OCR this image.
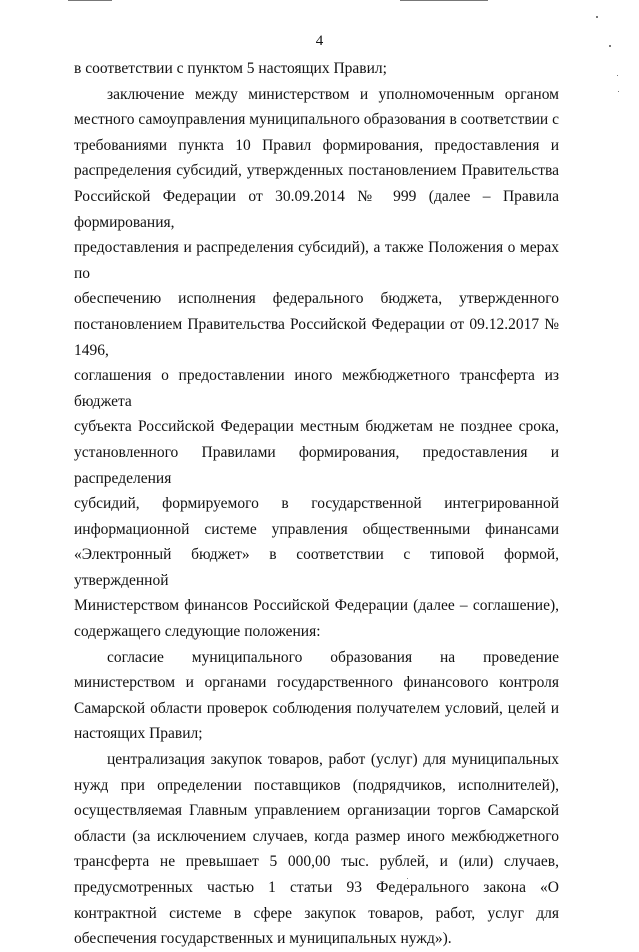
4

в соответствии с пунктом 5 настоящих Правил;

заключение между министерством и уполномоченным органом
местного самоуправления муниципального образования в соответствии с
требованиями пункта 10 Правил формирования, предоставления и
распределения субсидий, утвержденных постановлением Правительства
Российской Федерации от 30.09.2014 № 999 (далее – Правила формирования,
предоставления и распределения субсидий), а также Положения о мерах по
обеспечению исполнения федерального бюджета, утвержденного
постановлением Правительства Российской Федерации от 09.12.2017 № 1496,
соглашения о предоставлении иного межбюджетного трансферта из бюджета
субъекта Российской Федерации местным бюджетам не позднее срока,
установленного Правилами формирования, предоставления и распределения
субсидий, формируемого в государственной интегрированной
информационной системе управления общественными финансами
«Электронный бюджет» в соответствии с типовой формой, утвержденной
Министерством финансов Российской Федерации (далее – соглашение),
содержащего следующие положения:

согласие муниципального образования на проведение
министерством и органами государственного финансового контроля
Самарской области проверок соблюдения получателем условий, целей и
настоящих Правил;

централизация закупок товаров, работ (услуг) для муниципальных
нужд при определении поставщиков (подрядчиков, исполнителей),
осуществляемая Главным управлением организации торгов Самарской
области (за исключением случаев, когда размер иного межбюджетного
трансферта не превышает 5 000,00 тыс. рублей, и (или) случаев,
предусмотренных частью 1 статьи 93 Федерального закона «О
контрактной системе в сфере закупок товаров, работ, услуг для
обеспечения государственных и муниципальных нужд»).
